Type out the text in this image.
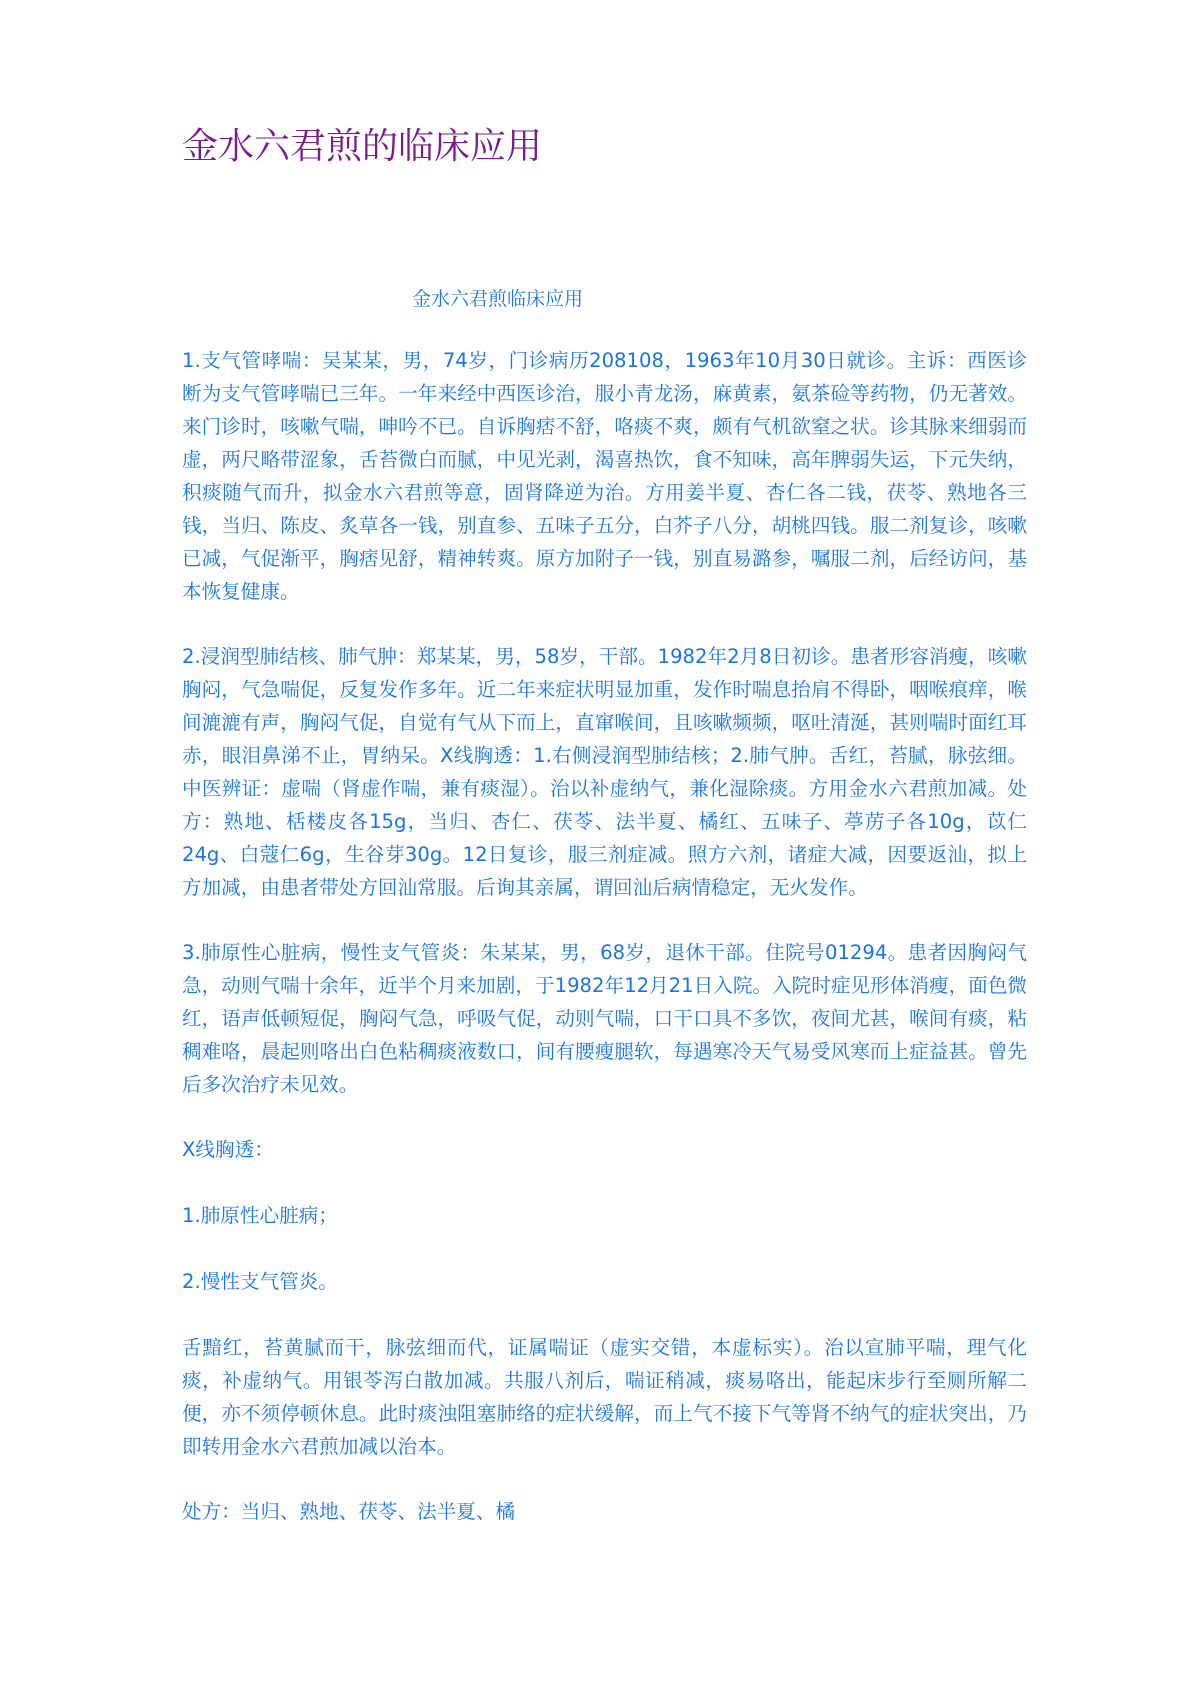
金水六君煎的临床应用
金水六君煎临床应用

1.支气管哮喘：吴某某，男，74岁，门诊病历208108，1963年10月30日就诊。主诉：西医诊断为支气管哮喘已三年。一年来经中西医诊治，服小青龙汤，麻黄素，氨茶硷等药物，仍无著效。来门诊时，咳嗽气喘，呻吟不已。自诉胸痞不舒，咯痰不爽，颇有气机欲窒之状。诊其脉来细弱而虚，两尺略带涩象，舌苔微白而腻，中见光剥，渴喜热饮，食不知味，高年脾弱失运，下元失纳，积痰随气而升，拟金水六君煎等意，固肾降逆为治。方用姜半夏、杏仁各二钱，茯苓、熟地各三钱，当归、陈皮、炙草各一钱，别直参、五味子五分，白芥子八分，胡桃四钱。服二剂复诊，咳嗽已减，气促渐平，胸痞见舒，精神转爽。原方加附子一钱，别直易潞参，嘱服二剂，后经访问，基本恢复健康。

2.浸润型肺结核、肺气肿：郑某某，男，58岁，干部。1982年2月8日初诊。患者形容消瘦，咳嗽胸闷，气急喘促，反复发作多年。近二年来症状明显加重，发作时喘息抬肩不得卧，咽喉痕痒，喉间漉漉有声，胸闷气促，自觉有气从下而上，直窜喉间，且咳嗽频频，呕吐清涎，甚则喘时面红耳赤，眼泪鼻涕不止，胃纳呆。X线胸透：1.右侧浸润型肺结核；2.肺气肿。舌红，苔腻，脉弦细。中医辨证：虚喘（肾虚作喘，兼有痰湿）。治以补虚纳气，兼化湿除痰。方用金水六君煎加减。处方：熟地、栝楼皮各15g，当归、杏仁、茯苓、法半夏、橘红、五味子、葶苈子各10g，苡仁24g、白蔻仁6g，生谷芽30g。12日复诊，服三剂症减。照方六剂，诸症大减，因要返汕，拟上方加减，由患者带处方回汕常服。后询其亲属，谓回汕后病情稳定，无火发作。

3.肺原性心脏病，慢性支气管炎：朱某某，男，68岁，退休干部。住院号01294。患者因胸闷气急，动则气喘十余年，近半个月来加剧，于1982年12月21日入院。入院时症见形体消瘦，面色微红，语声低顿短促，胸闷气急，呼吸气促，动则气喘，口干口具不多饮，夜间尤甚，喉间有痰，粘稠难咯，晨起则咯出白色粘稠痰液数口，间有腰瘦腿软，每遇寒冷天气易受风寒而上症益甚。曾先后多次治疗未见效。

X线胸透：

1.肺原性心脏病；

2.慢性支气管炎。

舌黯红，苔黄腻而干，脉弦细而代，证属喘证（虚实交错，本虚标实）。治以宣肺平喘，理气化痰，补虚纳气。用银苓泻白散加减。共服八剂后，喘证稍减，痰易咯出，能起床步行至厕所解二便，亦不须停顿休息。此时痰浊阻塞肺络的症状缓解，而上气不接下气等肾不纳气的症状突出，乃即转用金水六君煎加减以治本。

处方：当归、熟地、茯苓、法半夏、橘
